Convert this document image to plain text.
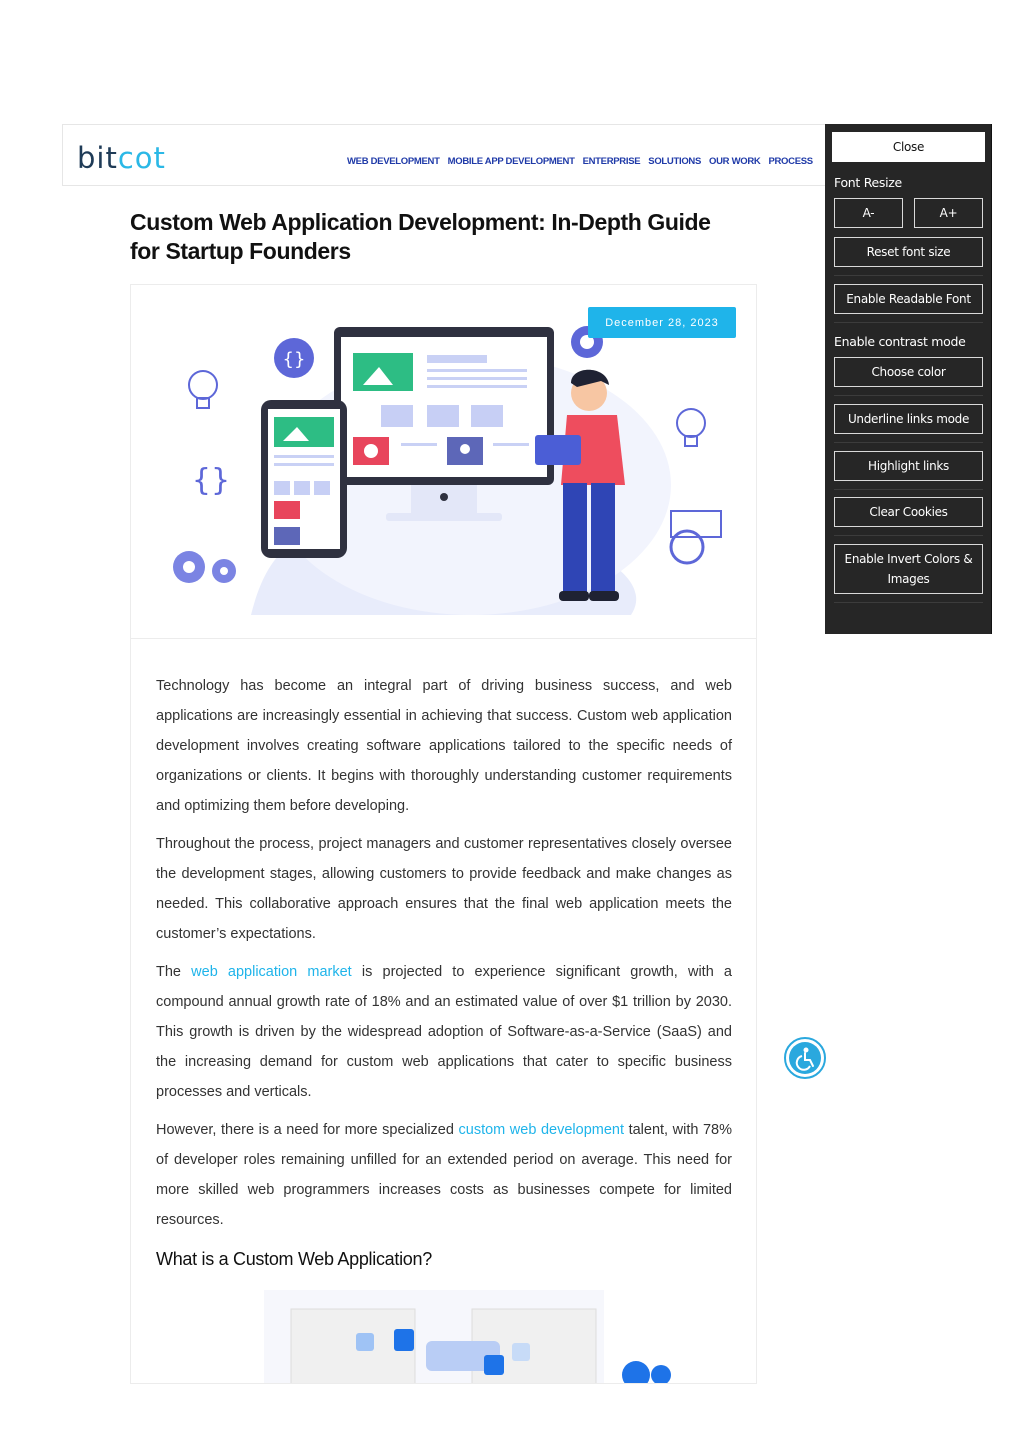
bitcot	WEB DEVELOPMENT MOBILE APP DEVELOPMENT ENTERPRISE SOLUTIONS OUR WORK PROCESS
Custom Web Application Development: In-Depth Guide for Startup Founders
{}
{}
December 28, 2023

Technology has become an integral part of driving business success, and web applications are increasingly essential in achieving that success. Custom web application development involves creating software applications tailored to the specific needs of organizations or clients. It begins with thoroughly understanding customer requirements and optimizing them before developing.

Throughout the process, project managers and customer representatives closely oversee the development stages, allowing customers to provide feedback and make changes as needed. This collaborative approach ensures that the final web application meets the customer’s expectations.

The web application market is projected to experience significant growth, with a compound annual growth rate of 18% and an estimated value of over $1 trillion by 2030. This growth is driven by the widespread adoption of Software-as-a-Service (SaaS) and the increasing demand for custom web applications that cater to specific business processes and verticals.

However, there is a need for more specialized custom web development talent, with 78% of developer roles remaining unfilled for an extended period on average. This need for more skilled web programmers increases costs as businesses compete for limited resources.

What is a Custom Web Application?
Close
Font Resize
A-	A+
Reset font size
Enable Readable Font
Enable contrast mode
Choose color
Underline links mode
Highlight links
Clear Cookies
Enable Invert Colors & Images
